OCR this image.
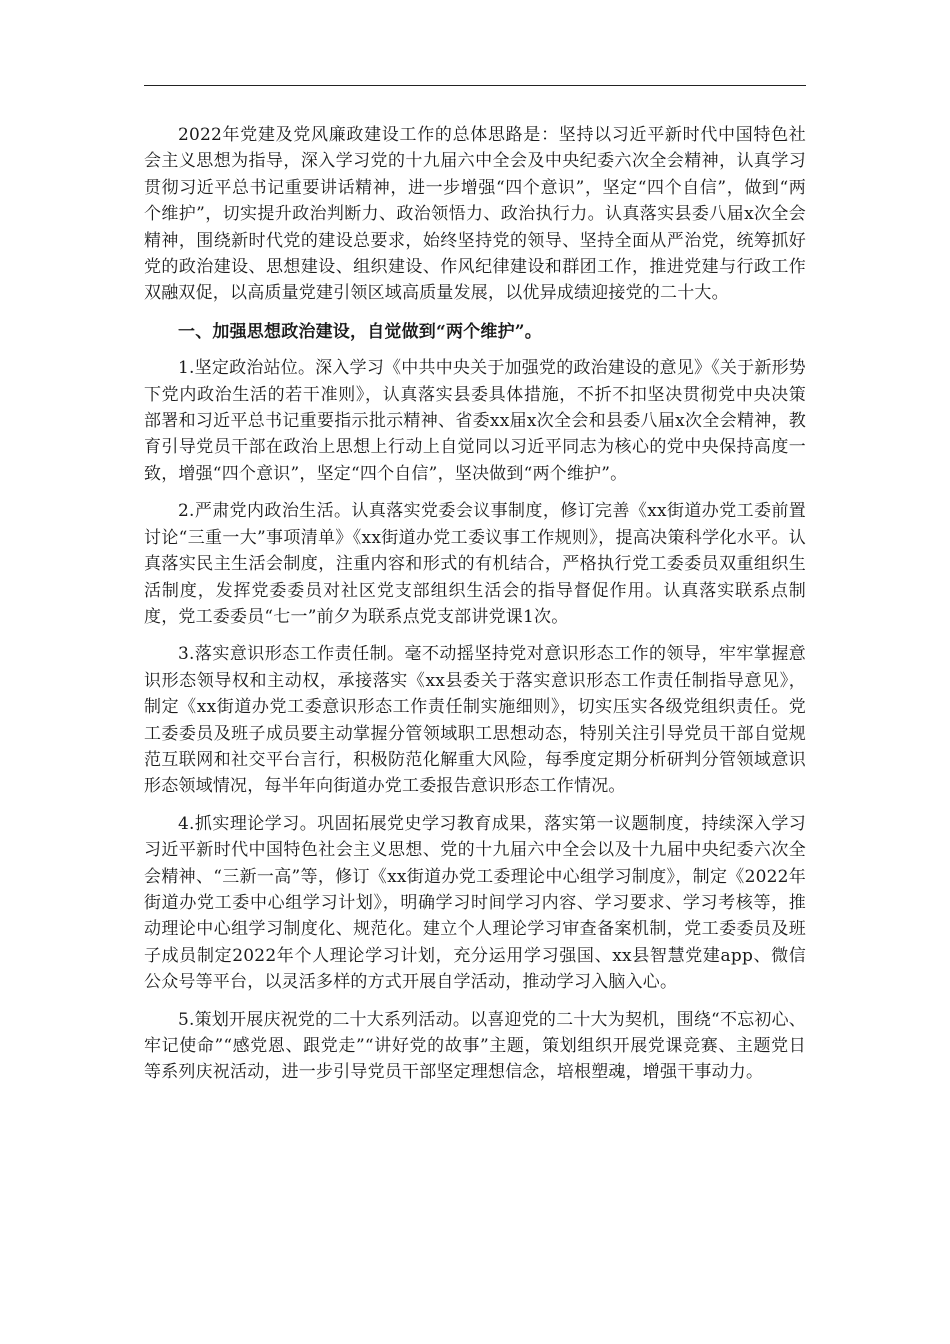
2022年党建及党风廉政建设工作的总体思路是：坚持以习近平新时代中国特色社会主义思想为指导，深入学习党的十九届六中全会及中央纪委六次全会精神，认真学习贯彻习近平总书记重要讲话精神，进一步增强“四个意识”，坚定“四个自信”，做到“两个维护”，切实提升政治判断力、政治领悟力、政治执行力。认真落实县委八届x次全会精神，围绕新时代党的建设总要求，始终坚持党的领导、坚持全面从严治党，统筹抓好党的政治建设、思想建设、组织建设、作风纪律建设和群团工作，推进党建与行政工作双融双促，以高质量党建引领区域高质量发展，以优异成绩迎接党的二十大。

一、加强思想政治建设，自觉做到“两个维护”。

1.坚定政治站位。深入学习《中共中央关于加强党的政治建设的意见》《关于新形势下党内政治生活的若干准则》，认真落实县委具体措施，不折不扣坚决贯彻党中央决策部署和习近平总书记重要指示批示精神、省委xx届x次全会和县委八届x次全会精神，教育引导党员干部在政治上思想上行动上自觉同以习近平同志为核心的党中央保持高度一致，增强“四个意识”，坚定“四个自信”，坚决做到“两个维护”。

2.严肃党内政治生活。认真落实党委会议事制度，修订完善《xx街道办党工委前置讨论“三重一大”事项清单》《xx街道办党工委议事工作规则》，提高决策科学化水平。认真落实民主生活会制度，注重内容和形式的有机结合，严格执行党工委委员双重组织生活制度，发挥党委委员对社区党支部组织生活会的指导督促作用。认真落实联系点制度，党工委委员“七一”前夕为联系点党支部讲党课1次。

3.落实意识形态工作责任制。毫不动摇坚持党对意识形态工作的领导，牢牢掌握意识形态领导权和主动权，承接落实《xx县委关于落实意识形态工作责任制指导意见》，制定《xx街道办党工委意识形态工作责任制实施细则》，切实压实各级党组织责任。党工委委员及班子成员要主动掌握分管领域职工思想动态，特别关注引导党员干部自觉规范互联网和社交平台言行，积极防范化解重大风险，每季度定期分析研判分管领域意识形态领域情况，每半年向街道办党工委报告意识形态工作情况。

4.抓实理论学习。巩固拓展党史学习教育成果，落实第一议题制度，持续深入学习习近平新时代中国特色社会主义思想、党的十九届六中全会以及十九届中央纪委六次全会精神、“三新一高”等，修订《xx街道办党工委理论中心组学习制度》，制定《2022年街道办党工委中心组学习计划》，明确学习时间学习内容、学习要求、学习考核等，推动理论中心组学习制度化、规范化。建立个人理论学习审查备案机制，党工委委员及班子成员制定2022年个人理论学习计划，充分运用学习强国、xx县智慧党建app、微信公众号等平台，以灵活多样的方式开展自学活动，推动学习入脑入心。

5.策划开展庆祝党的二十大系列活动。以喜迎党的二十大为契机，围绕“不忘初心、牢记使命”“感党恩、跟党走”“讲好党的故事”主题，策划组织开展党课竞赛、主题党日等系列庆祝活动，进一步引导党员干部坚定理想信念，培根塑魂，增强干事动力。
